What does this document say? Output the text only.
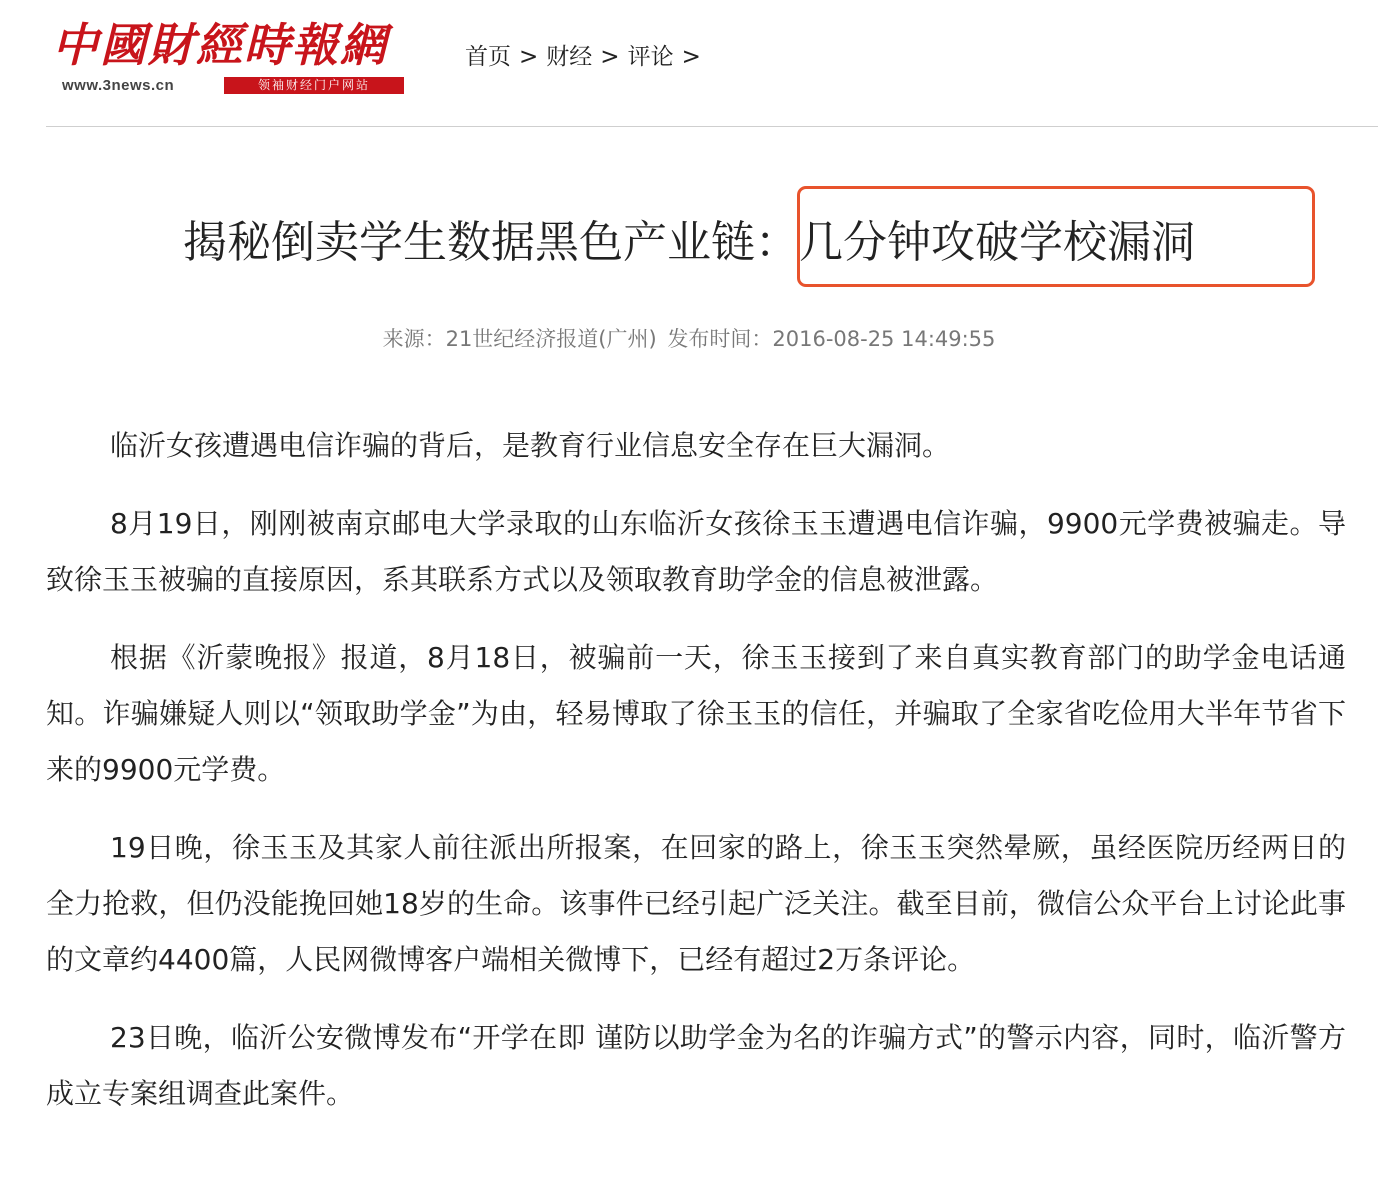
中國財經時報網
www.3news.cn	领袖财经门户网站
首页 > 财经 > 评论 >
揭秘倒卖学生数据黑色产业链：几分钟攻破学校漏洞
来源：21世纪经济报道(广州) 发布时间：2016-08-25 14:49:55

临沂女孩遭遇电信诈骗的背后，是教育行业信息安全存在巨大漏洞。

8月19日，刚刚被南京邮电大学录取的山东临沂女孩徐玉玉遭遇电信诈骗，9900元学费被骗走。导致徐玉玉被骗的直接原因，系其联系方式以及领取教育助学金的信息被泄露。

根据《沂蒙晚报》报道，8月18日，被骗前一天，徐玉玉接到了来自真实教育部门的助学金电话通知。诈骗嫌疑人则以“领取助学金”为由，轻易博取了徐玉玉的信任，并骗取了全家省吃俭用大半年节省下来的9900元学费。

19日晚，徐玉玉及其家人前往派出所报案，在回家的路上，徐玉玉突然晕厥，虽经医院历经两日的全力抢救，但仍没能挽回她18岁的生命。该事件已经引起广泛关注。截至目前，微信公众平台上讨论此事的文章约4400篇，人民网微博客户端相关微博下，已经有超过2万条评论。

23日晚，临沂公安微博发布“开学在即 谨防以助学金为名的诈骗方式”的警示内容，同时，临沂警方成立专案组调查此案件。
